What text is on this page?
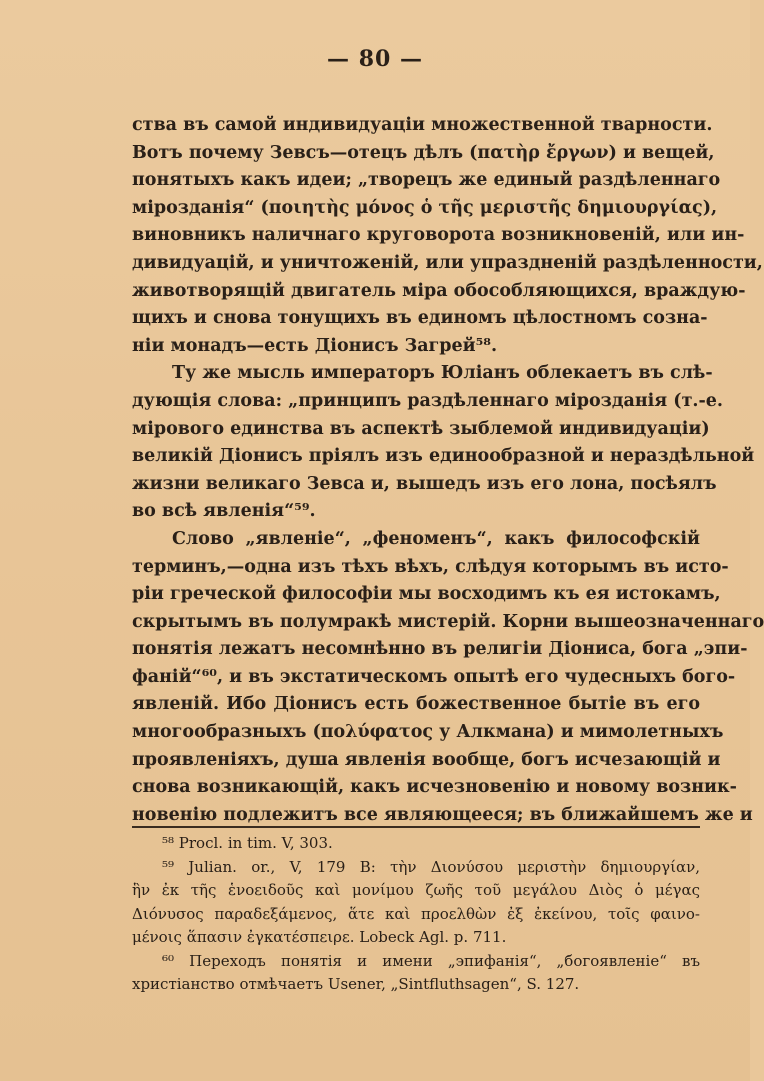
— 80 —
ства въ самой индивидуаціи множественной тварности.
Вотъ почему Зевсъ—отецъ дѣлъ (πατὴρ ἔργων) и вещей,
понятыхъ какъ идеи; „творецъ же единый раздѣленнаго
мірозданія“ (ποιητὴς μόνος ὁ τῆς μεριστῆς δημιουργίας),
виновникъ наличнаго круговорота возникновеній, или ин-
дивидуацій, и уничтоженій, или упраздненій раздѣленности,
животворящій двигатель міра обособляющихся, враждую-
щихъ и снова тонущихъ въ единомъ цѣлостномъ созна-
ніи монадъ—есть Діонисъ Загрей⁵⁸.
Ту же мысль императоръ Юліанъ облекаетъ въ слѣ-
дующія слова: „принципъ раздѣленнаго мірозданія (т.-е.
мірового единства въ аспектѣ зыблемой индивидуаціи)
великій Діонисъ пріялъ изъ единообразной и нераздѣльной
жизни великаго Зевса и, вышедъ изъ его лона, посѣялъ
во всѣ явленія“⁵⁹.
Слово „явленіе“, „феноменъ“, какъ философскій
терминъ,—одна изъ тѣхъ вѣхъ, слѣдуя которымъ въ исто-
ріи греческой философіи мы восходимъ къ ея истокамъ,
скрытымъ въ полумракѣ мистерій. Корни вышеозначеннаго
понятія лежатъ несомнѣнно въ религіи Діониса, бога „эпи-
фаній“⁶⁰, и въ экстатическомъ опытѣ его чудесныхъ бого-
явленій. Ибо Діонисъ есть божественное бытіе въ его
многообразныхъ (πολύφατος у Алкмана) и мимолетныхъ
проявленіяхъ, душа явленія вообще, богъ исчезающій и
снова возникающій, какъ исчезновенію и новому возник-
новенію подлежитъ все являющееся; въ ближайшемъ же и
⁵⁸ Procl. in tim. V, 303.
⁵⁹ Julian. or., V, 179 B: τὴν Διονύσου μεριστὴν δημιουργίαν,
ἣν ἐκ τῆς ἑνοειδοῦς καὶ μονίμου ζωῆς τοῦ μεγάλου Διὸς ὁ μέγας
Διόνυσος παραδεξάμενος, ἅτε καὶ προελθὼν ἐξ ἐκείνου, τοῖς φαινο-
μένοις ἅπασιν ἐγκατέσπειρε. Lobeck Agl. p. 711.
⁶⁰ Переходъ понятія и имени „эпифанія“, „богоявленіе“ въ
христіанство отмѣчаетъ Usener, „Sintfluthsagen“, S. 127.
